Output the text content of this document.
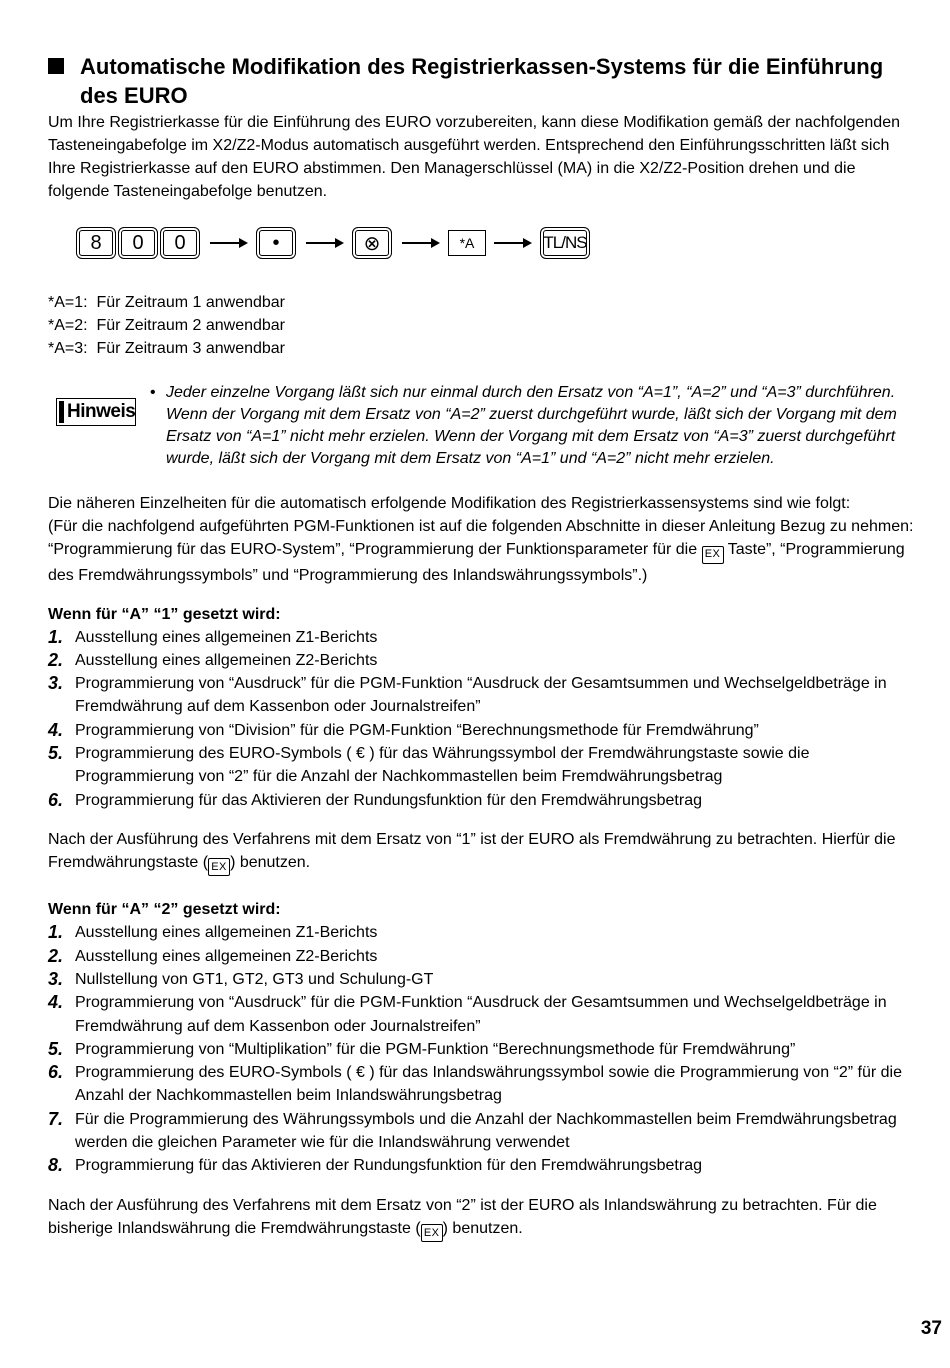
Automatische Modifikation des Registrierkassen-Systems für die Einführung des EURO

Um Ihre Registrierkasse für die Einführung des EURO vorzubereiten, kann diese Modifikation gemäß der nachfolgenden Tasteneingabefolge im X2/Z2-Modus automatisch ausgeführt werden. Entsprechend den Einführungsschritten läßt sich Ihre Registrierkasse auf den EURO abstimmen. Den Managerschlüssel (MA) in die X2/Z2-Position drehen und die folgende Tasteneingabefolge benutzen.

8	0	0	•	⊗	*A	TL/NS

*A=1:  Für Zeitraum 1 anwendbar

*A=2:  Für Zeitraum 2 anwendbar

*A=3:  Für Zeitraum 3 anwendbar

Hinweis
• Jeder einzelne Vorgang läßt sich nur einmal durch den Ersatz von “A=1”, “A=2” und “A=3” durchführen. Wenn der Vorgang mit dem Ersatz von “A=2” zuerst durchgeführt wurde, läßt sich der Vorgang mit dem Ersatz von “A=1” nicht mehr erzielen. Wenn der Vorgang mit dem Ersatz von “A=3” zuerst durchgeführt wurde, läßt sich der Vorgang mit dem Ersatz von “A=1” und “A=2” nicht mehr erzielen.

Die näheren Einzelheiten für die automatisch erfolgende Modifikation des Registrierkassensystems sind wie folgt:

(Für die nachfolgend aufgeführten PGM-Funktionen ist auf die folgenden Abschnitte in dieser Anleitung Bezug zu nehmen: “Programmierung für das EURO-System”, “Programmierung der Funktionsparameter für die EX Taste”, “Programmierung des Fremdwährungssymbols” und “Programmierung des Inlandswährungssymbols”.)

Wenn für “A” “1” gesetzt wird:
1. Ausstellung eines allgemeinen Z1-Berichts
2. Ausstellung eines allgemeinen Z2-Berichts
3. Programmierung von “Ausdruck” für die PGM-Funktion “Ausdruck der Gesamtsummen und Wechselgeldbeträge in Fremdwährung auf dem Kassenbon oder Journalstreifen”
4. Programmierung von “Division” für die PGM-Funktion “Berechnungsmethode für Fremdwährung”
5. Programmierung des EURO-Symbols ( € ) für das Währungssymbol der Fremdwährungstaste sowie die Programmierung von “2” für die Anzahl der Nachkommastellen beim Fremdwährungsbetrag
6. Programmierung für das Aktivieren der Rundungsfunktion für den Fremdwährungsbetrag

Nach der Ausführung des Verfahrens mit dem Ersatz von “1” ist der EURO als Fremdwährung zu betrachten. Hierfür die Fremdwährungstaste ( EX ) benutzen.

Wenn für “A” “2” gesetzt wird:
1. Ausstellung eines allgemeinen Z1-Berichts
2. Ausstellung eines allgemeinen Z2-Berichts
3. Nullstellung von GT1, GT2, GT3 und Schulung-GT
4. Programmierung von “Ausdruck” für die PGM-Funktion “Ausdruck der Gesamtsummen und Wechselgeldbeträge in Fremdwährung auf dem Kassenbon oder Journalstreifen”
5. Programmierung von “Multiplikation” für die PGM-Funktion “Berechnungsmethode für Fremdwährung”
6. Programmierung des EURO-Symbols ( € ) für das Inlandswährungssymbol sowie die Programmierung von “2” für die Anzahl der Nachkommastellen beim Inlandswährungsbetrag
7. Für die Programmierung des Währungssymbols und die Anzahl der Nachkommastellen beim Fremdwährungsbetrag werden die gleichen Parameter wie für die Inlandswährung verwendet
8. Programmierung für das Aktivieren der Rundungsfunktion für den Fremdwährungsbetrag

Nach der Ausführung des Verfahrens mit dem Ersatz von “2” ist der EURO als Inlandswährung zu betrachten. Für die bisherige Inlandswährung die Fremdwährungstaste ( EX ) benutzen.

37
